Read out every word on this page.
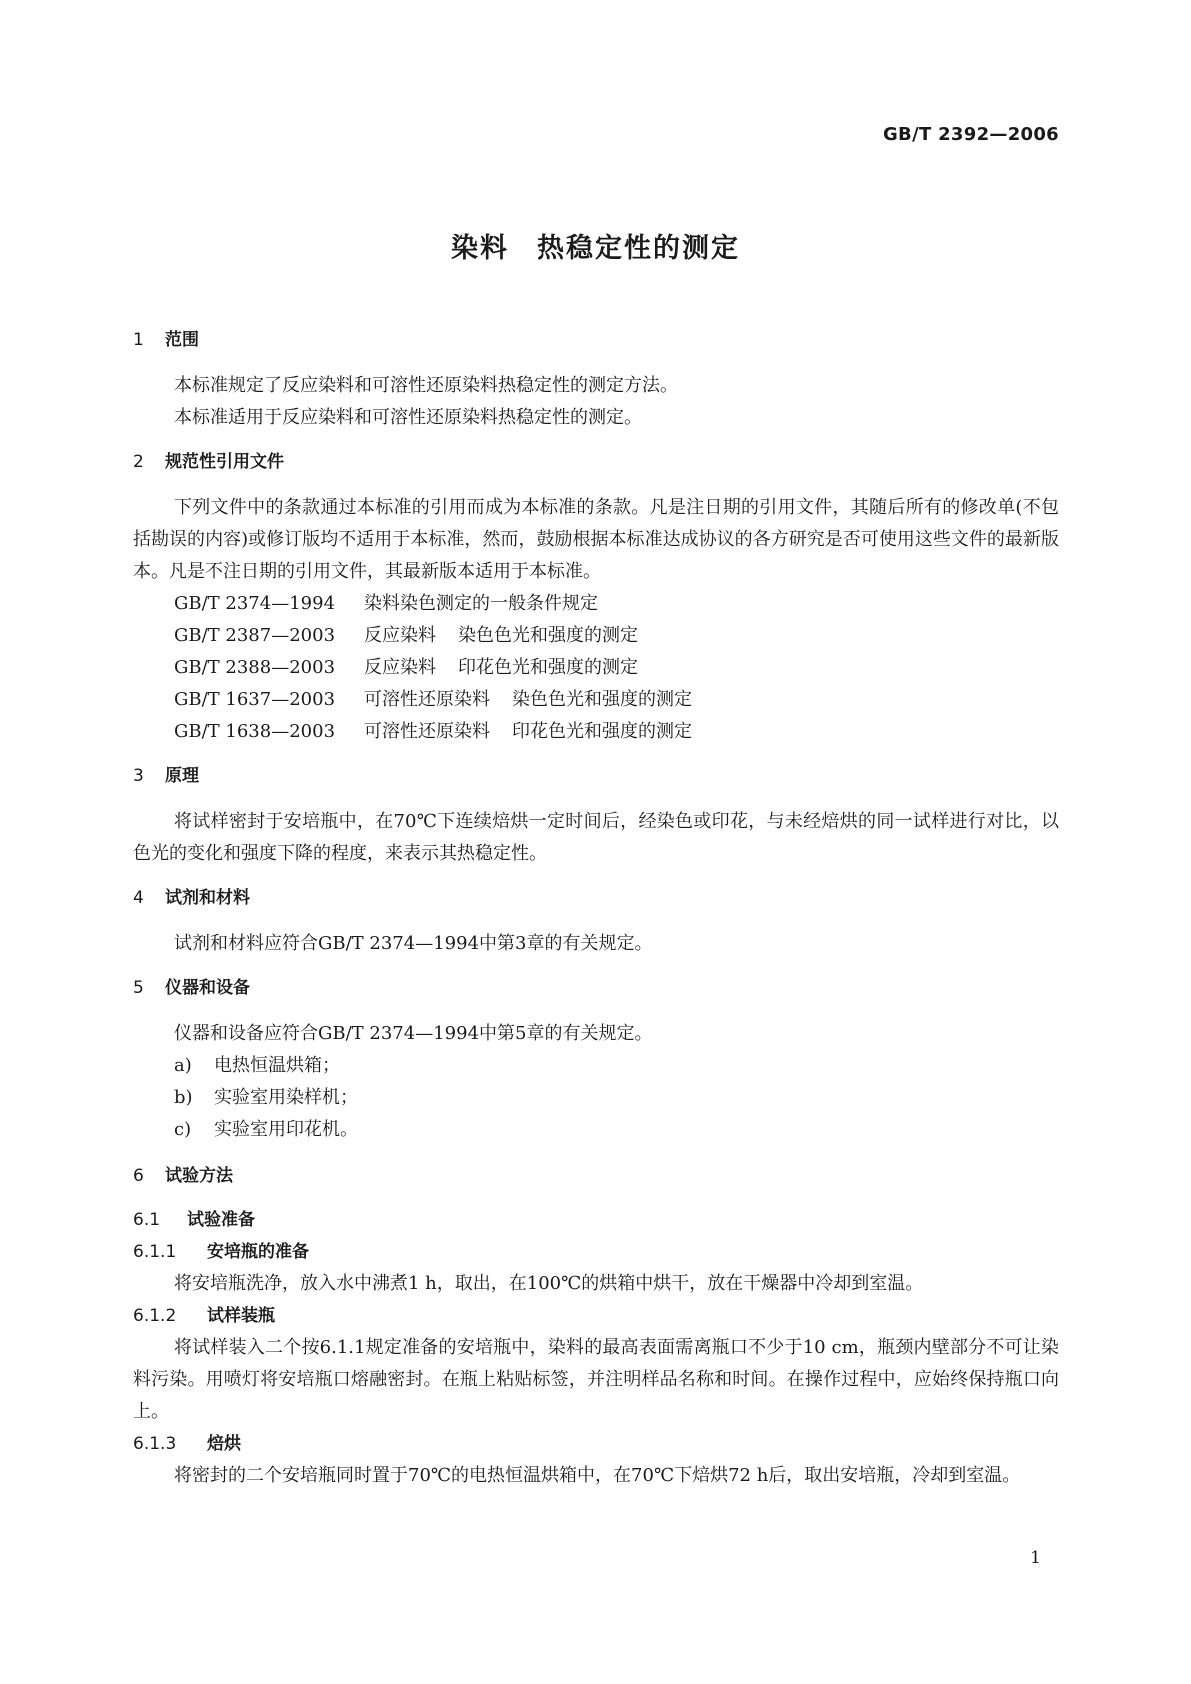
GB/T 2392—2006
染料 热稳定性的测定
1 范围

本标准规定了反应染料和可溶性还原染料热稳定性的测定方法。

本标准适用于反应染料和可溶性还原染料热稳定性的测定。

2 规范性引用文件

下列文件中的条款通过本标准的引用而成为本标准的条款。凡是注日期的引用文件，其随后所有的修改单(不包括勘误的内容)或修订版均不适用于本标准，然而，鼓励根据本标准达成协议的各方研究是否可使用这些文件的最新版本。凡是不注日期的引用文件，其最新版本适用于本标准。

GB/T 2374—1994 染料染色测定的一般条件规定
GB/T 2387—2003 反应染料 染色色光和强度的测定
GB/T 2388—2003 反应染料 印花色光和强度的测定
GB/T 1637—2003 可溶性还原染料 染色色光和强度的测定
GB/T 1638—2003 可溶性还原染料 印花色光和强度的测定
3 原理

将试样密封于安培瓶中，在70℃下连续焙烘一定时间后，经染色或印花，与未经焙烘的同一试样进行对比，以色光的变化和强度下降的程度，来表示其热稳定性。

4 试剂和材料

试剂和材料应符合GB/T 2374—1994中第3章的有关规定。

5 仪器和设备

仪器和设备应符合GB/T 2374—1994中第5章的有关规定。

a) 电热恒温烘箱；
b) 实验室用染样机；
c) 实验室用印花机。
6 试验方法
6.1 试验准备
6.1.1 安培瓶的准备

将安培瓶洗净，放入水中沸煮1 h，取出，在100℃的烘箱中烘干，放在干燥器中冷却到室温。

6.1.2 试样装瓶

将试样装入二个按6.1.1规定准备的安培瓶中，染料的最高表面需离瓶口不少于10 cm，瓶颈内壁部分不可让染料污染。用喷灯将安培瓶口熔融密封。在瓶上粘贴标签，并注明样品名称和时间。在操作过程中，应始终保持瓶口向上。

6.1.3 焙烘

将密封的二个安培瓶同时置于70℃的电热恒温烘箱中，在70℃下焙烘72 h后，取出安培瓶，冷却到室温。

1
